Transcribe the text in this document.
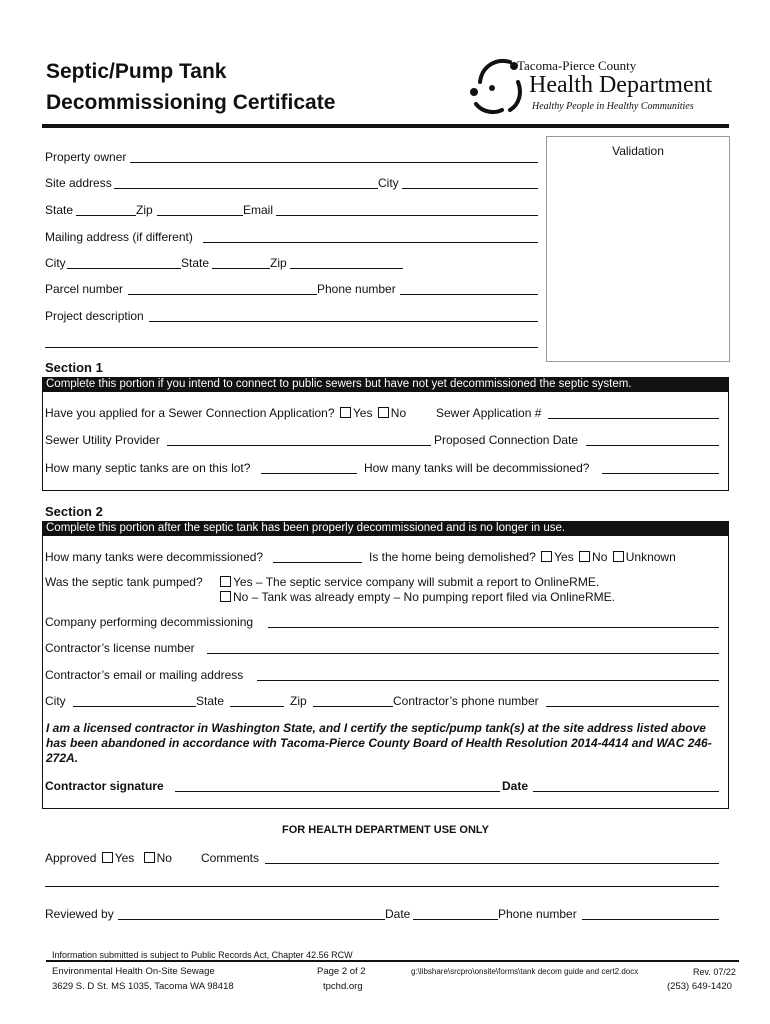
Septic/Pump Tank
Decommissioning Certificate
Tacoma-Pierce County
Health Department
Healthy People in Healthy Communities
Validation
Property owner
Site address	City
State	Zip	Email
Mailing address (if different)
City	State	Zip
Parcel number	Phone number
Project description
Section 1
Complete this portion if you intend to connect to public sewers but have not yet decommissioned the septic system.
Have you applied for a Sewer Connection Application? Yes No Sewer Application #
Sewer Utility Provider	Proposed Connection Date
How many septic tanks are on this lot?	How many tanks will be decommissioned?
Section 2
Complete this portion after the septic tank has been properly decommissioned and is no longer in use.
How many tanks were decommissioned?	Is the home being demolished? Yes No Unknown
Was the septic tank pumped?	Yes – The septic service company will submit a report to OnlineRME.
No – Tank was already empty – No pumping report filed via OnlineRME.
Company performing decommissioning
Contractor’s license number
Contractor’s email or mailing address
City	State	Zip	Contractor’s phone number
I am a licensed contractor in Washington State, and I certify the septic/pump tank(s) at the site address listed above has been abandoned in accordance with Tacoma-Pierce County Board of Health Resolution 2014-4414 and WAC 246-272A.
Contractor signature	Date
FOR HEALTH DEPARTMENT USE ONLY
Approved Yes No Comments
Reviewed by	Date	Phone number
Information submitted is subject to Public Records Act, Chapter 42.56 RCW
Environmental Health On-Site Sewage
3629 S. D St. MS 1035, Tacoma WA 98418
Page 2 of 2
tpchd.org
g:\libshare\srcpro\onsite\forms\tank decom guide and cert2.docx	Rev. 07/22
(253) 649-1420
